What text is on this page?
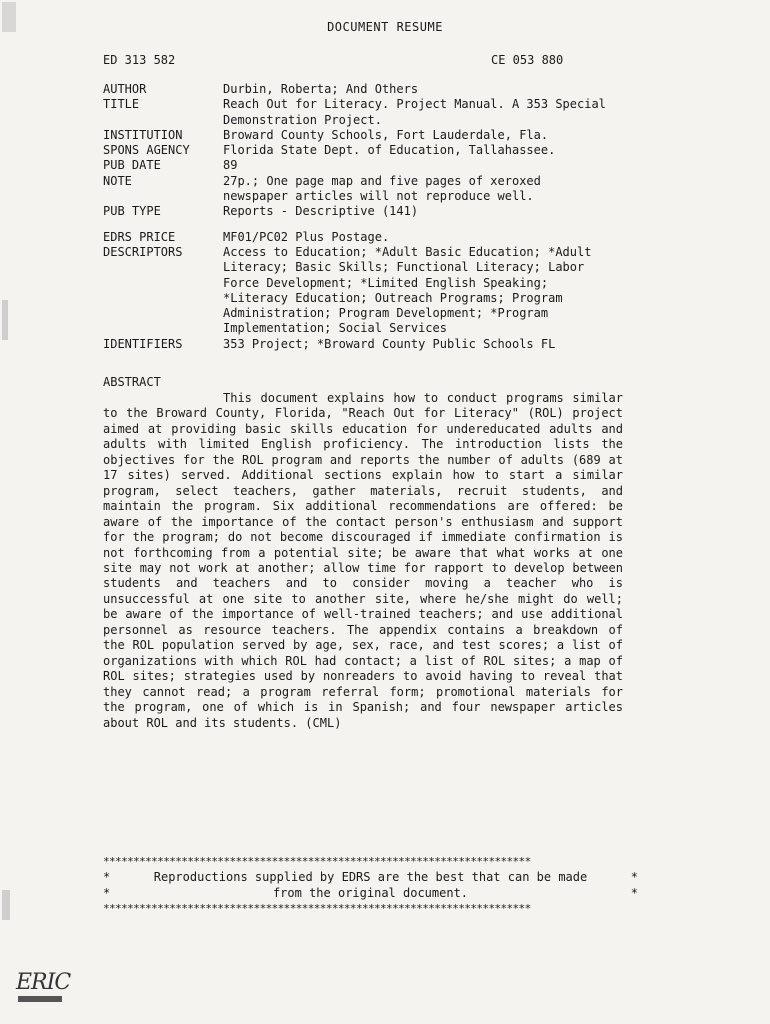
DOCUMENT RESUME
ED 313 582	CE 053 880
AUTHOR	Durbin, Roberta; And Others
TITLE	Reach Out for Literacy. Project Manual. A 353 Special
Demonstration Project.
INSTITUTION	Broward County Schools, Fort Lauderdale, Fla.
SPONS AGENCY	Florida State Dept. of Education, Tallahassee.
PUB DATE	89
NOTE	27p.; One page map and five pages of xeroxed
newspaper articles will not reproduce well.
PUB TYPE	Reports - Descriptive (141)
EDRS PRICE	MF01/PC02 Plus Postage.
DESCRIPTORS	Access to Education; *Adult Basic Education; *Adult
Literacy; Basic Skills; Functional Literacy; Labor
Force Development; *Limited English Speaking;
*Literacy Education; Outreach Programs; Program
Administration; Program Development; *Program
Implementation; Social Services
IDENTIFIERS	353 Project; *Broward County Public Schools FL
ABSTRACT
This document explains how to conduct programs similar to the Broward County, Florida, "Reach Out for Literacy" (ROL) project aimed at providing basic skills education for undereducated adults and adults with limited English proficiency. The introduction lists the objectives for the ROL program and reports the number of adults (689 at 17 sites) served. Additional sections explain how to start a similar program, select teachers, gather materials, recruit students, and maintain the program. Six additional recommendations are offered: be aware of the importance of the contact person's enthusiasm and support for the program; do not become discouraged if immediate confirmation is not forthcoming from a potential site; be aware that what works at one site may not work at another; allow time for rapport to develop between students and teachers and to consider moving a teacher who is unsuccessful at one site to another site, where he/she might do well; be aware of the importance of well-trained teachers; and use additional personnel as resource teachers. The appendix contains a breakdown of the ROL population served by age, sex, race, and test scores; a list of organizations with which ROL had contact; a list of ROL sites; a map of ROL sites; strategies used by nonreaders to avoid having to reveal that they cannot read; a program referral form; promotional materials for the program, one of which is in Spanish; and four newspaper articles about ROL and its students. (CML)
***********************************************************************
*	Reproductions supplied by EDRS are the best that can be made	*
*	from the original document.	*
***********************************************************************
ERIC
